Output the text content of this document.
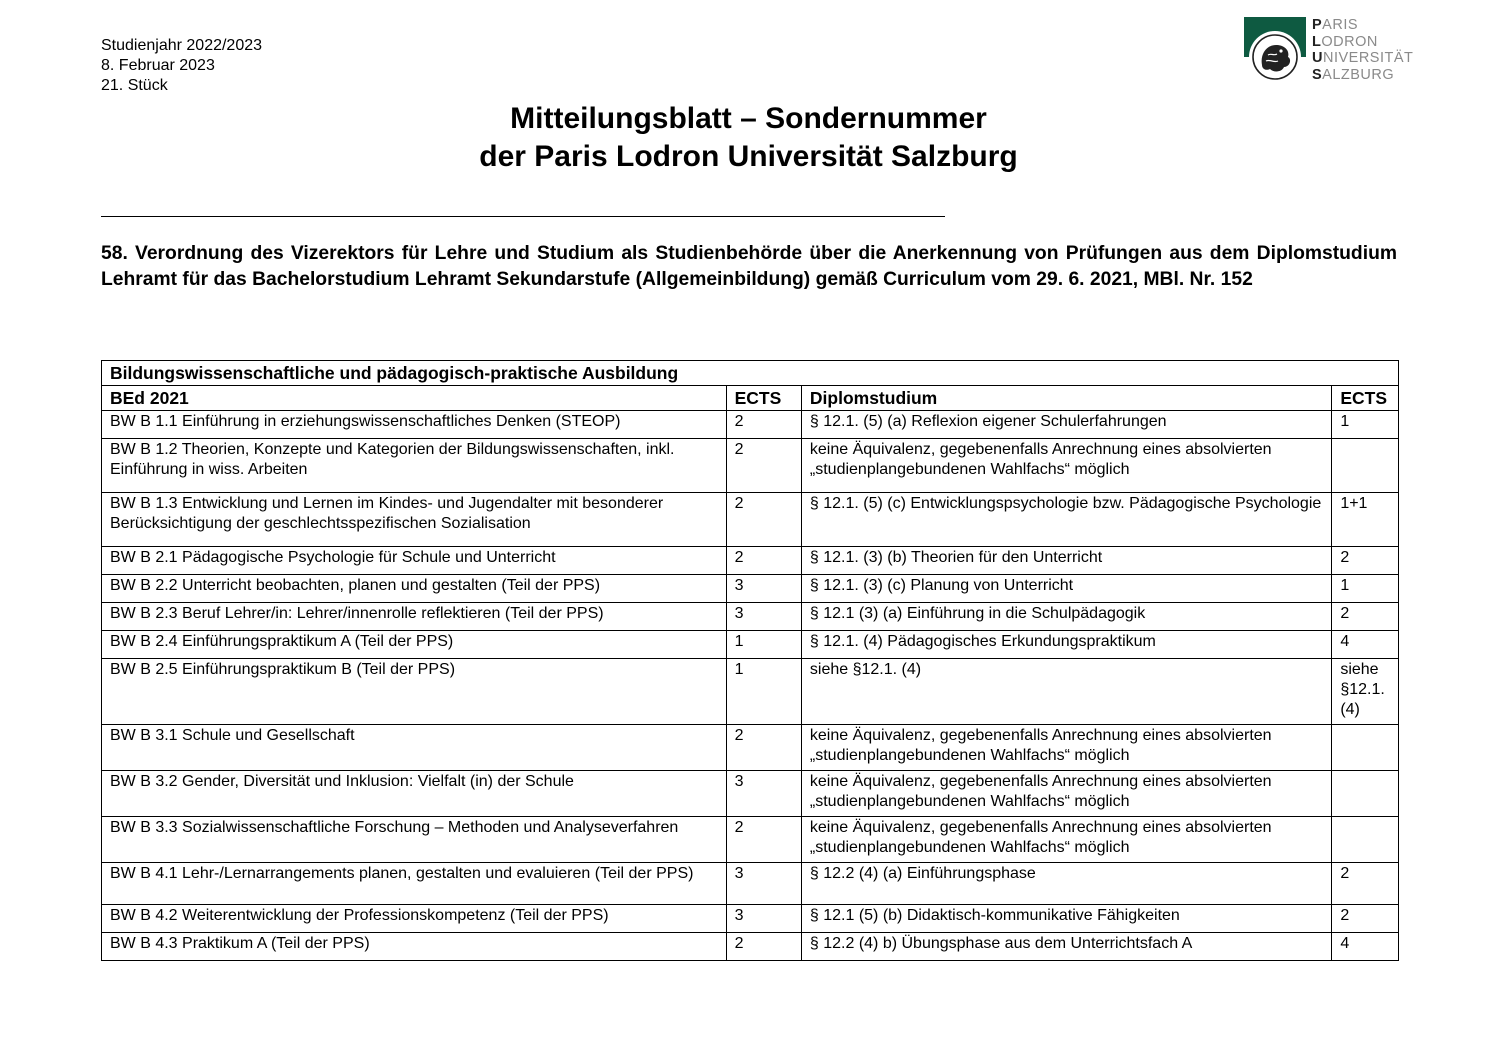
Studienjahr 2022/2023
8. Februar 2023
21. Stück
PARIS
LODRON
UNIVERSITÄT
SALZBURG
Mitteilungsblatt – Sondernummer
der Paris Lodron Universität Salzburg
58. Verordnung des Vizerektors für Lehre und Studium als Studienbehörde über die Anerkennung von Prüfungen aus dem Diplomstudium Lehramt für das Bachelorstudium Lehramt Sekundarstufe (Allgemeinbildung) gemäß Curriculum vom 29. 6. 2021, MBl. Nr. 152
Bildungswissenschaftliche und pädagogisch-praktische Ausbildung			
BEd 2021	ECTS	Diplomstudium	ECTS
BW B 1.1 Einführung in erziehungswissenschaftliches Denken (STEOP)	2	§ 12.1. (5) (a) Reflexion eigener Schulerfahrungen	1
BW B 1.2 Theorien, Konzepte und Kategorien der Bildungswissenschaften, inkl. Einführung in wiss. Arbeiten	2	keine Äquivalenz, gegebenenfalls Anrechnung eines absolvierten „studienplangebundenen Wahlfachs“ möglich	
BW B 1.3 Entwicklung und Lernen im Kindes- und Jugendalter mit besonderer Berücksichtigung der geschlechtsspezifischen Sozialisation	2	§ 12.1. (5) (c) Entwicklungspsychologie bzw. Pädagogische Psychologie	1+1
BW B 2.1 Pädagogische Psychologie für Schule und Unterricht	2	§ 12.1. (3) (b) Theorien für den Unterricht	2
BW B 2.2 Unterricht beobachten, planen und gestalten (Teil der PPS)	3	§ 12.1. (3) (c) Planung von Unterricht	1
BW B 2.3 Beruf Lehrer/in: Lehrer/innenrolle reflektieren (Teil der PPS)	3	§ 12.1 (3) (a) Einführung in die Schulpädagogik	2
BW B 2.4 Einführungspraktikum A (Teil der PPS)	1	§ 12.1. (4) Pädagogisches Erkundungspraktikum	4
BW B 2.5 Einführungspraktikum B (Teil der PPS)	1	siehe §12.1. (4)	siehe §12.1. (4)
BW B 3.1 Schule und Gesellschaft	2	keine Äquivalenz, gegebenenfalls Anrechnung eines absolvierten „studienplangebundenen Wahlfachs“ möglich	
BW B 3.2 Gender, Diversität und Inklusion: Vielfalt (in) der Schule	3	keine Äquivalenz, gegebenenfalls Anrechnung eines absolvierten „studienplangebundenen Wahlfachs“ möglich	
BW B 3.3 Sozialwissenschaftliche Forschung – Methoden und Analyseverfahren	2	keine Äquivalenz, gegebenenfalls Anrechnung eines absolvierten „studienplangebundenen Wahlfachs“ möglich	
BW B 4.1 Lehr-/Lernarrangements planen, gestalten und evaluieren (Teil der PPS)	3	§ 12.2 (4) (a) Einführungsphase	2
BW B 4.2 Weiterentwicklung der Professionskompetenz (Teil der PPS)	3	§ 12.1 (5) (b) Didaktisch-kommunikative Fähigkeiten	2
BW B 4.3 Praktikum A (Teil der PPS)	2	§ 12.2 (4) b) Übungsphase aus dem Unterrichtsfach A	4
